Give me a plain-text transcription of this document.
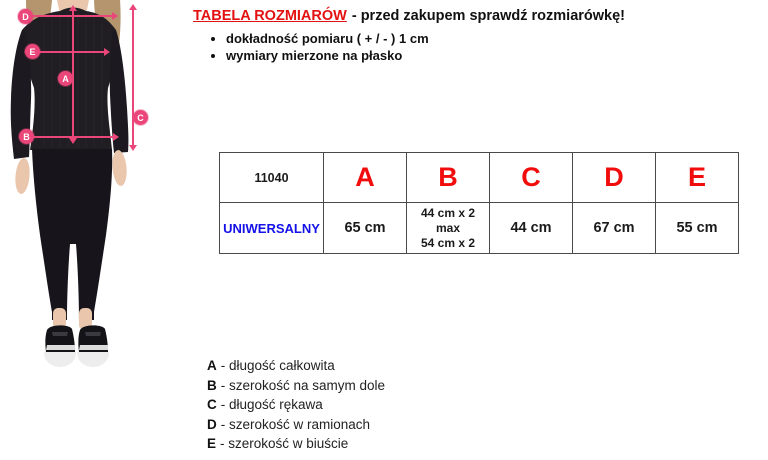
D
E
A
B
C
TABELA ROZMIARÓW - przed zakupem sprawdź rozmiarówkę!
• dokładność pomiaru ( + / - ) 1 cm
• wymiary mierzone na płasko
11040	A	B	C	D	E
UNIWERSALNY	65 cm	44 cm x 2
max
54 cm x 2	44 cm	67 cm	55 cm
A - długość całkowita
B - szerokość na samym dole
C - długość rękawa
D - szerokość w ramionach
E - szerokość w biuście
